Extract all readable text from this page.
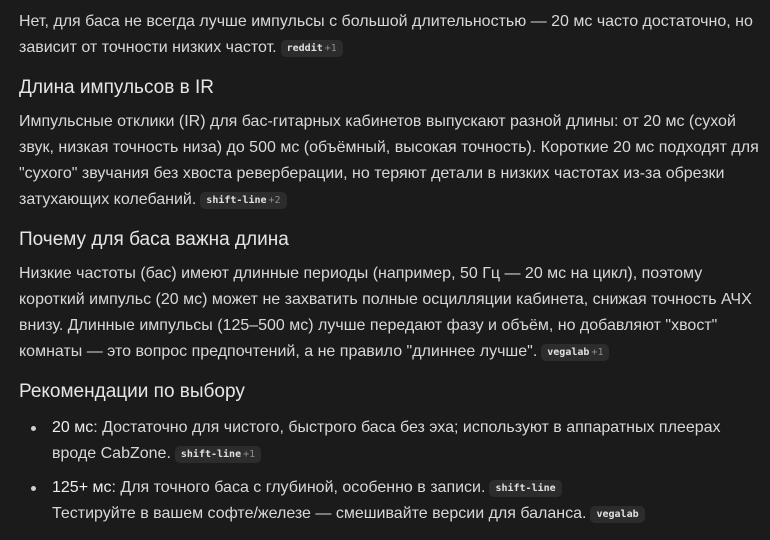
Нет, для баса не всегда лучше импульсы с большой длительностью — 20 мс часто достаточно, но зависит от точности низких частот. reddit +1

Длина импульсов в IR

Импульсные отклики (IR) для бас-гитарных кабинетов выпускают разной длины: от 20 мс (сухой звук, низкая точность низа) до 500 мс (объёмный, высокая точность). Короткие 20 мс подходят для "сухого" звучания без хвоста реверберации, но теряют детали в низких частотах из-за обрезки затухающих колебаний. shift-line +2

Почему для баса важна длина

Низкие частоты (бас) имеют длинные периоды (например, 50 Гц — 20 мс на цикл), поэтому короткий импульс (20 мс) может не захватить полные осцилляции кабинета, снижая точность АЧХ внизу. Длинные импульсы (125–500 мс) лучше передают фазу и объём, но добавляют "хвост" комнаты — это вопрос предпочтений, а не правило "длиннее лучше". vegalab +1

Рекомендации по выбору
20 мс: Достаточно для чистого, быстрого баса без эха; используют в аппаратных плеерах вроде CabZone. shift-line +1
125+ мс: Для точного баса с глубиной, особенно в записи. shift-line
Тестируйте в вашем софте/железе — смешивайте версии для баланса. vegalab
